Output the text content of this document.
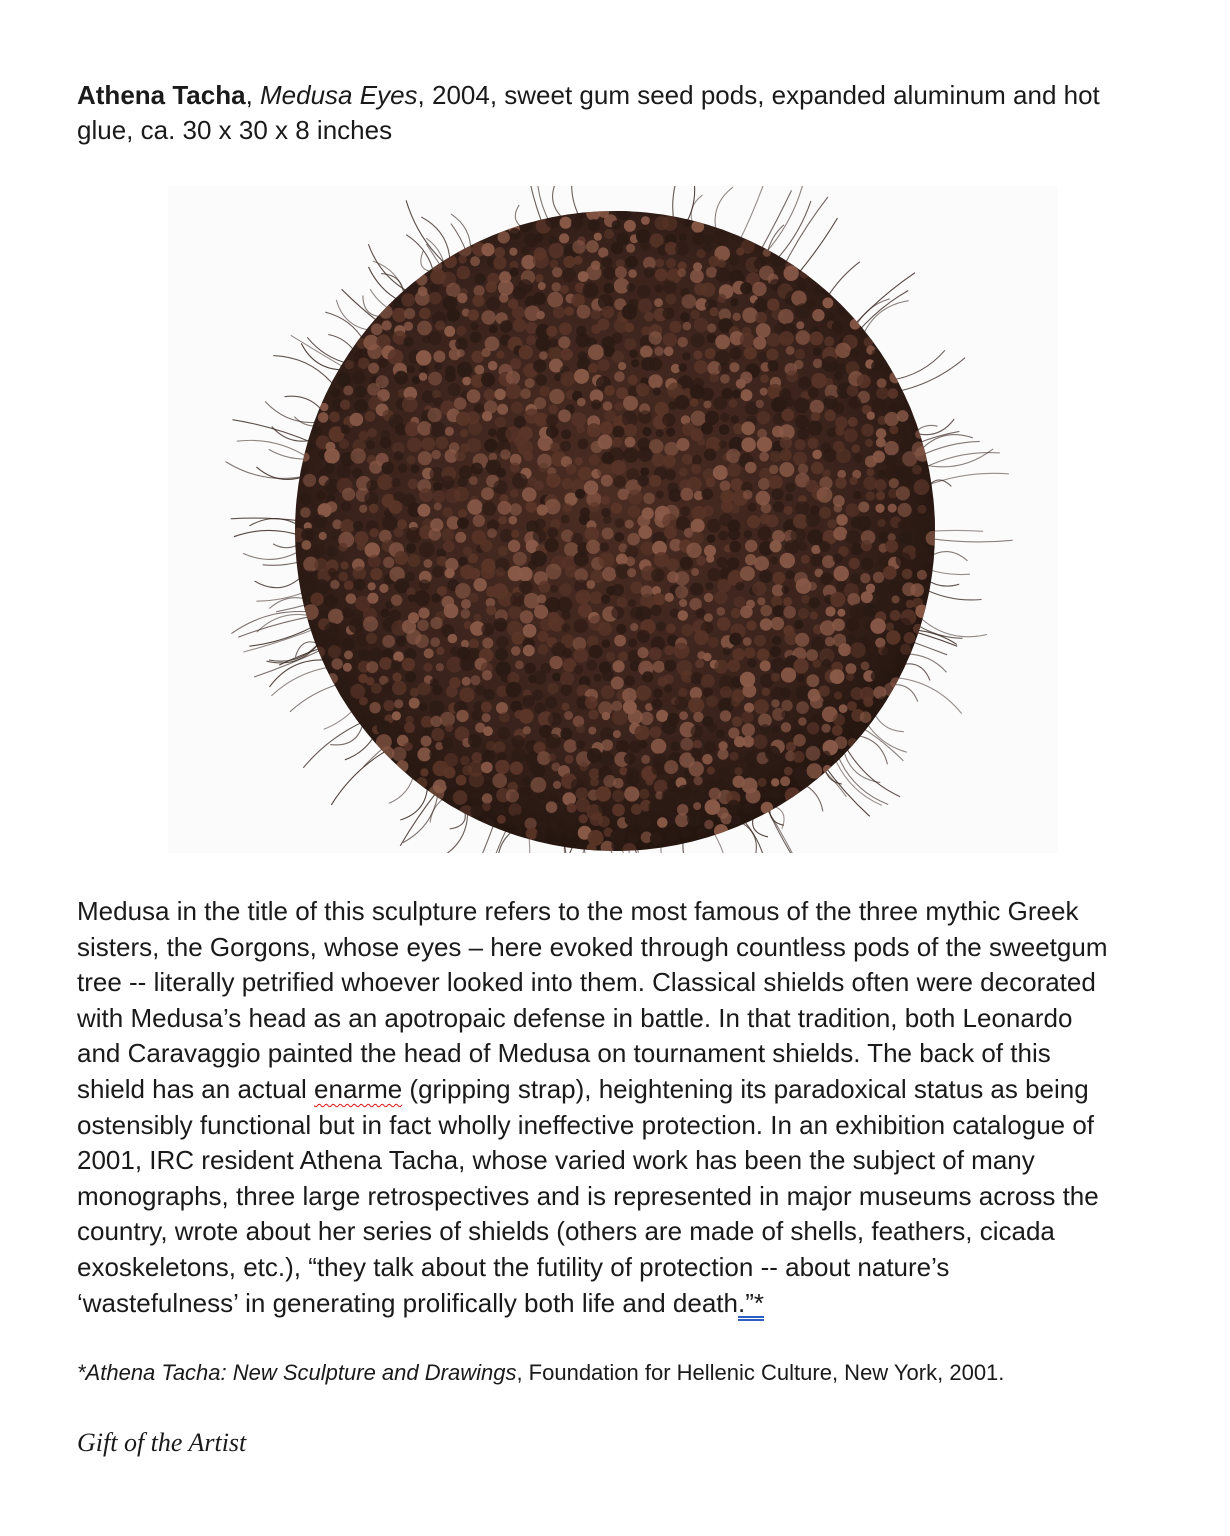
Athena Tacha, Medusa Eyes, 2004, sweet gum seed pods, expanded aluminum and hot
glue, ca. 30 x 30 x 8 inches

Medusa in the title of this sculpture refers to the most famous of the three mythic Greek
sisters, the Gorgons, whose eyes – here evoked through countless pods of the sweetgum
tree -- literally petrified whoever looked into them. Classical shields often were decorated
with Medusa’s head as an apotropaic defense in battle. In that tradition, both Leonardo
and Caravaggio painted the head of Medusa on tournament shields. The back of this
shield has an actual enarme (gripping strap), heightening its paradoxical status as being
ostensibly functional but in fact wholly ineffective protection. In an exhibition catalogue of
2001, IRC resident Athena Tacha, whose varied work has been the subject of many
monographs, three large retrospectives and is represented in major museums across the
country, wrote about her series of shields (others are made of shells, feathers, cicada
exoskeletons, etc.), “they talk about the futility of protection -- about nature’s
‘wastefulness’ in generating prolifically both life and death.”*

*Athena Tacha: New Sculpture and Drawings, Foundation for Hellenic Culture, New York, 2001.

Gift of the Artist
